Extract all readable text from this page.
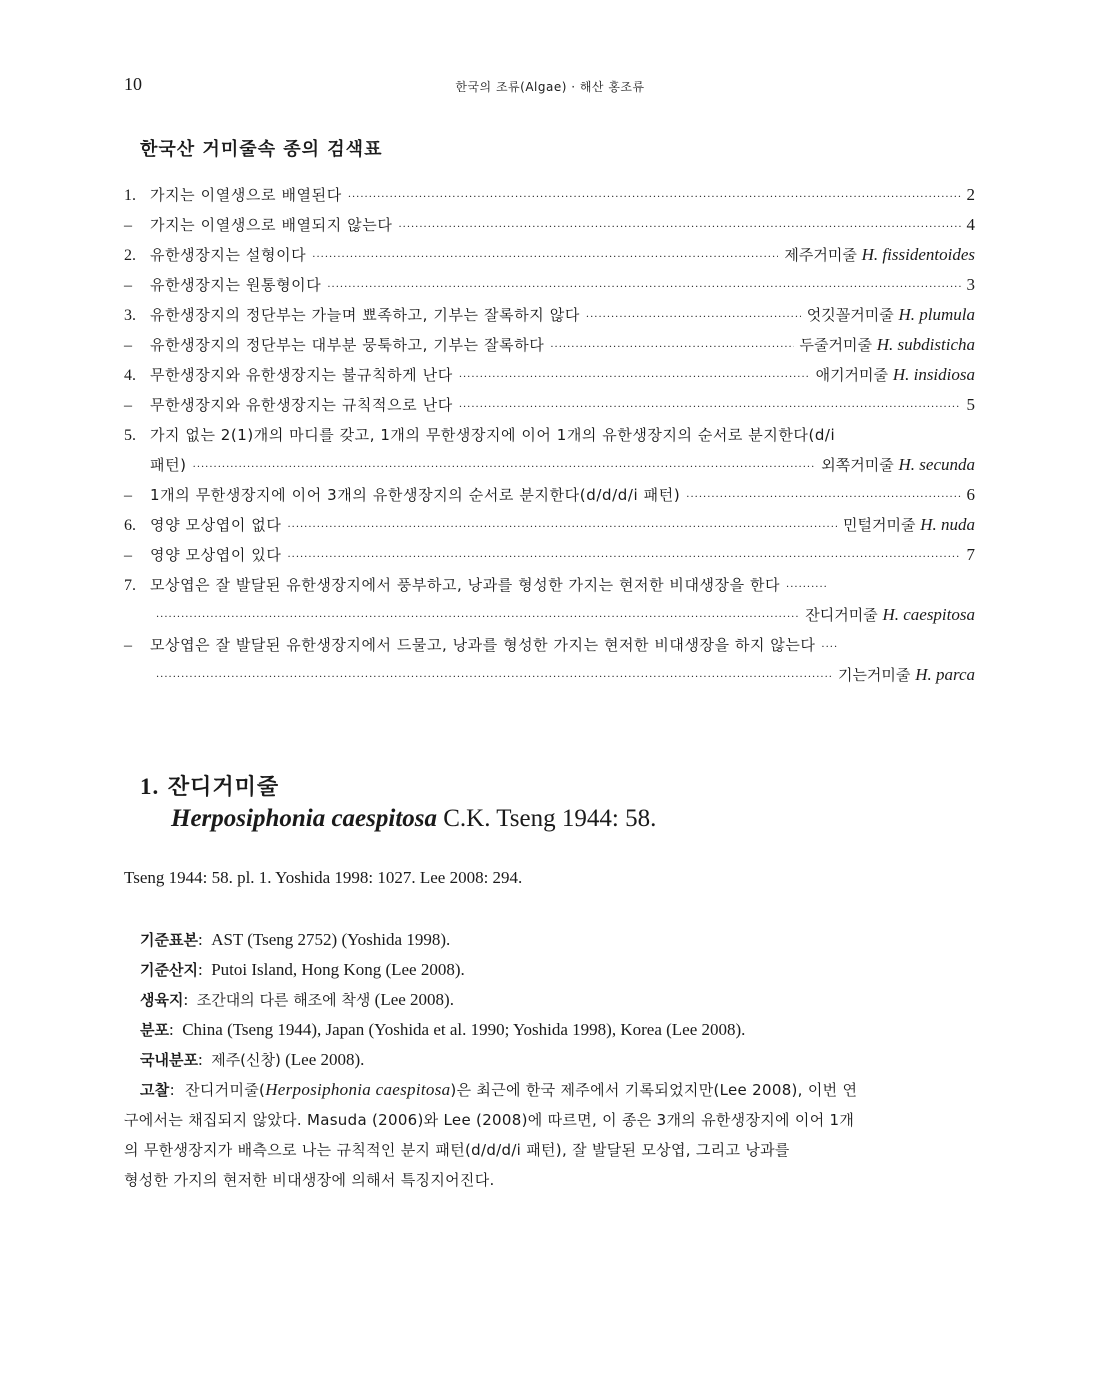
10	한국의 조류(Algae) · 해산 홍조류
한국산 거미줄속 종의 검색표
1. 가지는 이열생으로 배열된다 ·····	2
–	가지는 이열생으로 배열되지 않는다 ·····	4
2. 유한생장지는 설형이다 ·····	제주거미줄 H. fissidentoides
–	유한생장지는 원통형이다 ·····	3
3. 유한생장지의 정단부는 가늘며 뾰족하고, 기부는 잘록하지 않다 ·····	엇깃꼴거미줄 H. plumula
–	유한생장지의 정단부는 대부분 뭉툭하고, 기부는 잘록하다 ·····	두줄거미줄 H. subdisticha
4. 무한생장지와 유한생장지는 불규칙하게 난다 ·····	애기거미줄 H. insidiosa
–	무한생장지와 유한생장지는 규칙적으로 난다 ·····	5
5. 가지 없는 2(1)개의 마디를 갖고, 1개의 무한생장지에 이어 1개의 유한생장지의 순서로 분지한다(d/i
패턴) ·····	외쪽거미줄 H. secunda
–	1개의 무한생장지에 이어 3개의 유한생장지의 순서로 분지한다(d/d/d/i 패턴) ·····	6
6. 영양 모상엽이 없다 ·····	민털거미줄 H. nuda
–	영양 모상엽이 있다 ·····	7
7. 모상엽은 잘 발달된 유한생장지에서 풍부하고, 낭과를 형성한 가지는 현저한 비대생장을 한다 ··········
·····
잔디거미줄 H. caespitosa
–	모상엽은 잘 발달된 유한생장지에서 드물고, 낭과를 형성한 가지는 현저한 비대생장을 하지 않는다 ····
·····
기는거미줄 H. parca
1. 잔디거미줄
Herposiphonia caespitosa C.K. Tseng 1944: 58.
Tseng 1944: 58. pl. 1. Yoshida 1998: 1027. Lee 2008: 294.
기준표본:  AST (Tseng 2752) (Yoshida 1998).
기준산지:  Putoi Island, Hong Kong (Lee 2008).
생육지:  조간대의 다른 해조에 착생 (Lee 2008).
분포:  China (Tseng 1944), Japan (Yoshida et al. 1990; Yoshida 1998), Korea (Lee 2008).
국내분포:  제주(신창) (Lee 2008).
고찰:  잔디거미줄(Herposiphonia caespitosa)은 최근에 한국 제주에서 기록되었지만(Lee 2008), 이번 연
구에서는 채집되지 않았다. Masuda (2006)와 Lee (2008)에 따르면, 이 종은 3개의 유한생장지에 이어 1개
의 무한생장지가 배측으로 나는 규칙적인 분지 패턴(d/d/d/i 패턴), 잘 발달된 모상엽, 그리고 낭과를
형성한 가지의 현저한 비대생장에 의해서 특징지어진다.
